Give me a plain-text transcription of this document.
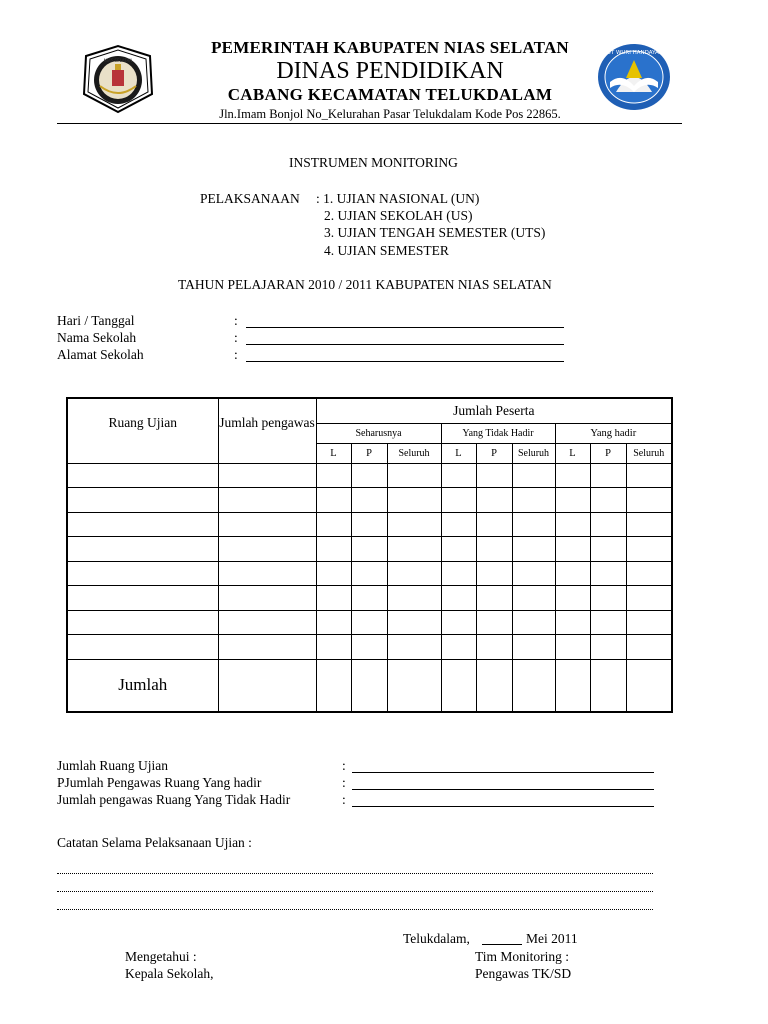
NIAS SELATAN
TUT WURI HANDAYANI
PEMERINTAH KABUPATEN NIAS SELATAN
DINAS PENDIDIKAN
CABANG KECAMATAN TELUKDALAM
Jln.Imam Bonjol No_Kelurahan Pasar Telukdalam Kode Pos 22865.
INSTRUMEN MONITORING
PELAKSANAAN : 1. UJIAN NASIONAL (UN)
2. UJIAN SEKOLAH (US)
3. UJIAN TENGAH SEMESTER (UTS)
4. UJIAN SEMESTER
TAHUN PELAJARAN 2010 / 2011 KABUPATEN NIAS SELATAN
Hari / Tanggal	:
Nama Sekolah	:
Alamat Sekolah	:
Ruang Ujian	Jumlah pengawas	Jumlah Peserta								
		Seharusnya			Yang Tidak Hadir			Yang hadir		
		L	P	Seluruh	L	P	Seluruh	L	P	Seluruh

Jumlah										
Jumlah Ruang Ujian	:
PJumlah Pengawas Ruang Yang hadir	:
Jumlah pengawas Ruang Yang Tidak Hadir	:
Catatan Selama Pelaksanaan Ujian :
Telukdalam,	Mei 2011
Mengetahui :
Kepala Sekolah,
Tim Monitoring :
Pengawas TK/SD
